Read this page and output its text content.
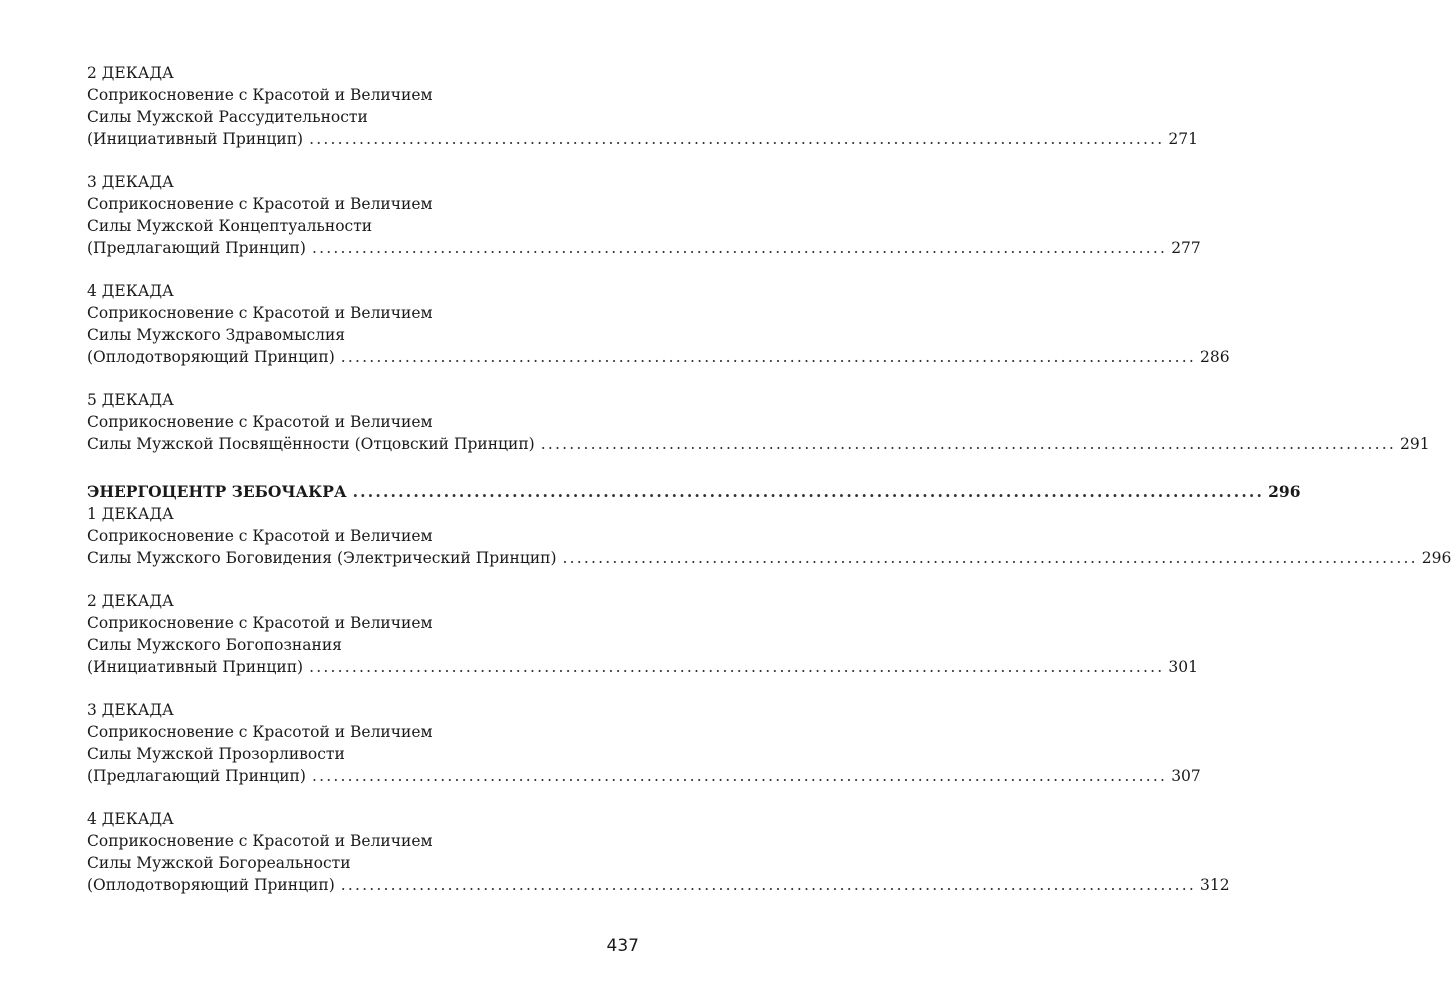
2 ДЕКАДА
Соприкосновение с Красотой и Величием
Силы Мужской Рассудительности
(Инициативный Принцип) ........................................................................................................................ 271
3 ДЕКАДА
Соприкосновение с Красотой и Величием
Силы Мужской Концептуальности
(Предлагающий Принцип) ........................................................................................................................ 277
4 ДЕКАДА
Соприкосновение с Красотой и Величием
Силы Мужского Здравомыслия
(Оплодотворяющий Принцип) ........................................................................................................................ 286
5 ДЕКАДА
Соприкосновение с Красотой и Величием
Силы Мужской Посвящённости (Отцовский Принцип) ........................................................................................................................ 291
ЭНЕРГОЦЕНТР ЗЕБОЧАКРА ........................................................................................................................ 296
1 ДЕКАДА
Соприкосновение с Красотой и Величием
Силы Мужского Боговидения (Электрический Принцип) ........................................................................................................................ 296
2 ДЕКАДА
Соприкосновение с Красотой и Величием
Силы Мужского Богопознания
(Инициативный Принцип) ........................................................................................................................ 301
3 ДЕКАДА
Соприкосновение с Красотой и Величием
Силы Мужской Прозорливости
(Предлагающий Принцип) ........................................................................................................................ 307
4 ДЕКАДА
Соприкосновение с Красотой и Величием
Силы Мужской Богореальности
(Оплодотворяющий Принцип) ........................................................................................................................ 312
437
